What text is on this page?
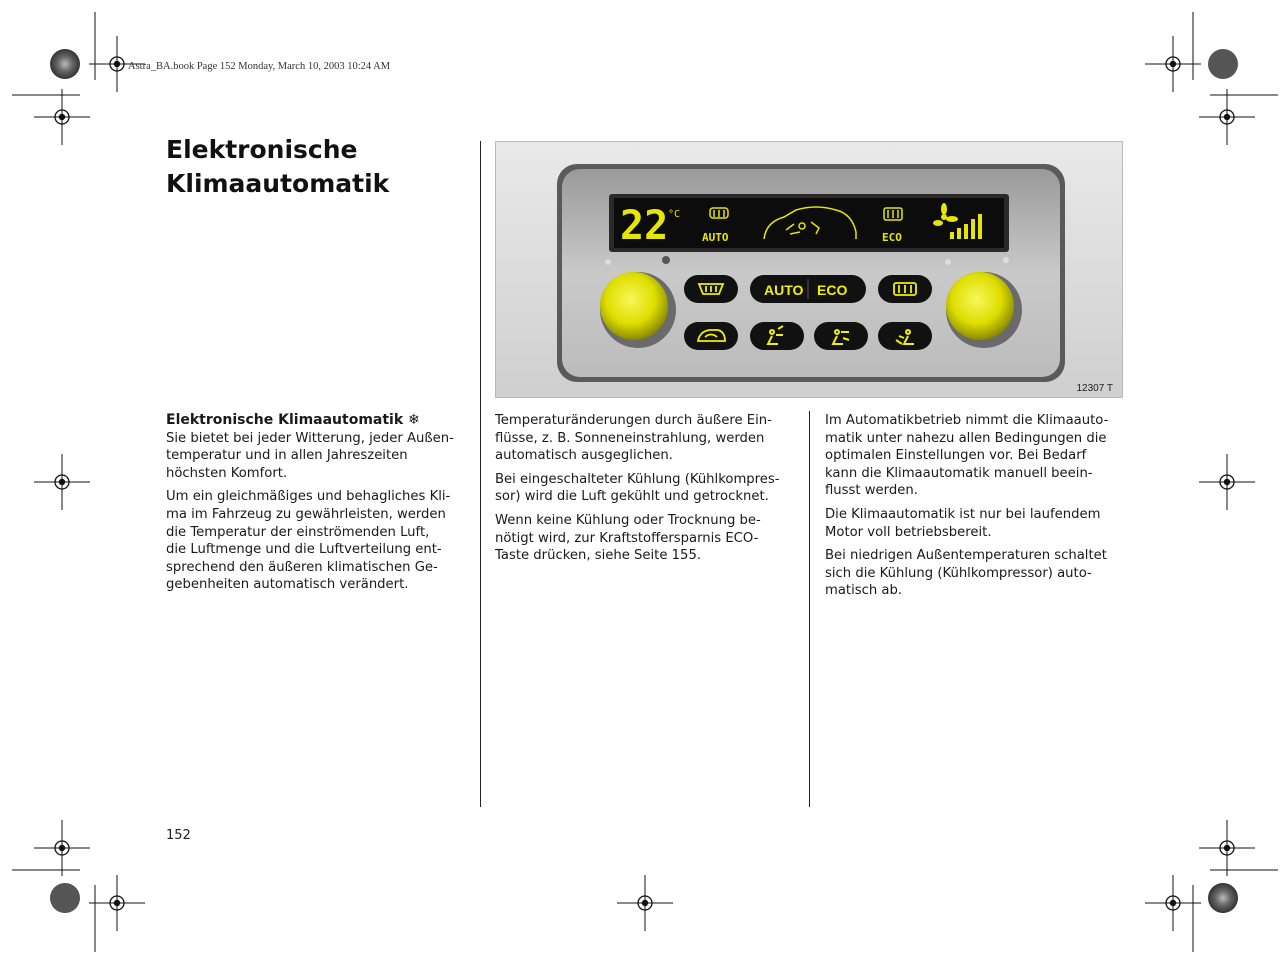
Astra_BA.book Page 152 Monday, March 10, 2003 10:24 AM
Elektronische
Klimaautomatik
22 °C
AUTO	ECO
AUTO ECO
12307 T
Elektronische Klimaautomatik ❄

Sie bietet bei jeder Witterung, jeder Außen-
temperatur und in allen Jahreszeiten
höchsten Komfort.

Um ein gleichmäßiges und behagliches Kli-
ma im Fahrzeug zu gewährleisten, werden
die Temperatur der einströmenden Luft,
die Luftmenge und die Luftverteilung ent-
sprechend den äußeren klimatischen Ge-
gebenheiten automatisch verändert.

Temperaturänderungen durch äußere Ein-
flüsse, z. B. Sonneneinstrahlung, werden
automatisch ausgeglichen.

Bei eingeschalteter Kühlung (Kühlkompres-
sor) wird die Luft gekühlt und getrocknet.

Wenn keine Kühlung oder Trocknung be-
nötigt wird, zur Kraftstoffersparnis ECO-
Taste drücken, siehe Seite 155.

Im Automatikbetrieb nimmt die Klimaauto-
matik unter nahezu allen Bedingungen die
optimalen Einstellungen vor. Bei Bedarf
kann die Klimaautomatik manuell beein-
flusst werden.

Die Klimaautomatik ist nur bei laufendem
Motor voll betriebsbereit.

Bei niedrigen Außentemperaturen schaltet
sich die Kühlung (Kühlkompressor) auto-
matisch ab.

152
